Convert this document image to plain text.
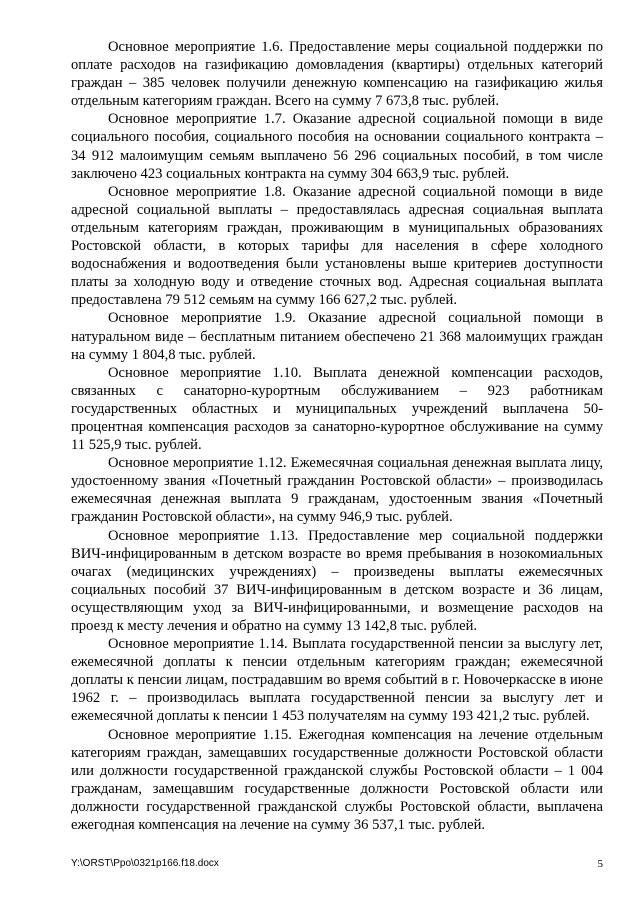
Основное мероприятие 1.6. Предоставление меры социальной поддержки по оплате расходов на газификацию домовладения (квартиры) отдельных категорий граждан – 385 человек получили денежную компенсацию на газификацию жилья отдельным категориям граждан. Всего на сумму 7 673,8 тыс. рублей.

Основное мероприятие 1.7. Оказание адресной социальной помощи в виде социального пособия, социального пособия на основании социального контракта – 34 912 малоимущим семьям выплачено 56 296 социальных пособий, в том числе заключено 423 социальных контракта на сумму 304 663,9 тыс. рублей.

Основное мероприятие 1.8. Оказание адресной социальной помощи в виде адресной социальной выплаты – предоставлялась адресная социальная выплата отдельным категориям граждан, проживающим в муниципальных образованиях Ростовской области, в которых тарифы для населения в сфере холодного водоснабжения и водоотведения были установлены выше критериев доступности платы за холодную воду и отведение сточных вод. Адресная социальная выплата предоставлена 79 512 семьям на сумму 166 627,2 тыс. рублей.

Основное мероприятие 1.9. Оказание адресной социальной помощи в натуральном виде – бесплатным питанием обеспечено 21 368 малоимущих граждан на сумму 1 804,8 тыс. рублей.

Основное мероприятие 1.10. Выплата денежной компенсации расходов, связанных с санаторно-курортным обслуживанием – 923 работникам государственных областных и муниципальных учреждений выплачена 50-процентная компенсация расходов за санаторно-курортное обслуживание на сумму 11 525,9 тыс. рублей.

Основное мероприятие 1.12. Ежемесячная социальная денежная выплата лицу, удостоенному звания «Почетный гражданин Ростовской области» – производилась ежемесячная денежная выплата 9 гражданам, удостоенным звания «Почетный гражданин Ростовской области», на сумму 946,9 тыс. рублей.

Основное мероприятие 1.13. Предоставление мер социальной поддержки ВИЧ-инфицированным в детском возрасте во время пребывания в нозокомиальных очагах (медицинских учреждениях) – произведены выплаты ежемесячных социальных пособий 37 ВИЧ-инфицированным в детском возрасте и 36 лицам, осуществляющим уход за ВИЧ-инфицированными, и возмещение расходов на проезд к месту лечения и обратно на сумму 13 142,8 тыс. рублей.

Основное мероприятие 1.14. Выплата государственной пенсии за выслугу лет, ежемесячной доплаты к пенсии отдельным категориям граждан; ежемесячной доплаты к пенсии лицам, пострадавшим во время событий в г. Новочеркасске в июне 1962 г. – производилась выплата государственной пенсии за выслугу лет и ежемесячной доплаты к пенсии 1 453 получателям на сумму 193 421,2 тыс. рублей.

Основное мероприятие 1.15. Ежегодная компенсация на лечение отдельным категориям граждан, замещавших государственные должности Ростовской области или должности государственной гражданской службы Ростовской области – 1 004 гражданам, замещавшим государственные должности Ростовской области или должности государственной гражданской службы Ростовской области, выплачена ежегодная компенсация на лечение на сумму 36 537,1 тыс. рублей.

Y:\ORST\Ppo\0321p166.f18.docx	5
